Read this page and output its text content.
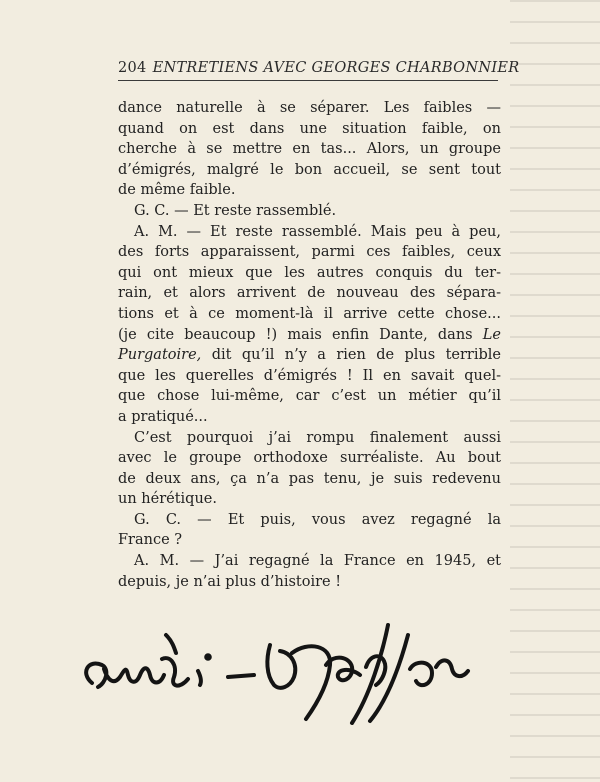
204 ENTRETIENS AVEC GEORGES CHARBONNIER
dance naturelle à se séparer. Les faibles —
quand on est dans une situation faible, on
cherche à se mettre en tas... Alors, un groupe
d’émigrés, malgré le bon accueil, se sent tout
de même faible.
G. C. — Et reste rassemblé.
A. M. — Et reste rassemblé. Mais peu à peu,
des forts apparaissent, parmi ces faibles, ceux
qui ont mieux que les autres conquis du ter-
rain, et alors arrivent de nouveau des sépara-
tions et à ce moment-là il arrive cette chose...
(je cite beaucoup !) mais enfin Dante, dans Le
Purgatoire, dit qu’il n’y a rien de plus terrible
que les querelles d’émigrés ! Il en savait quel-
que chose lui-même, car c’est un métier qu’il
a pratiqué...
C’est pourquoi j’ai rompu finalement aussi
avec le groupe orthodoxe surréaliste. Au bout
de deux ans, ça n’a pas tenu, je suis redevenu
un hérétique.
G. C. — Et puis, vous avez regagné la
France ?
A. M. — J’ai regagné la France en 1945, et
depuis, je n’ai plus d’histoire !
